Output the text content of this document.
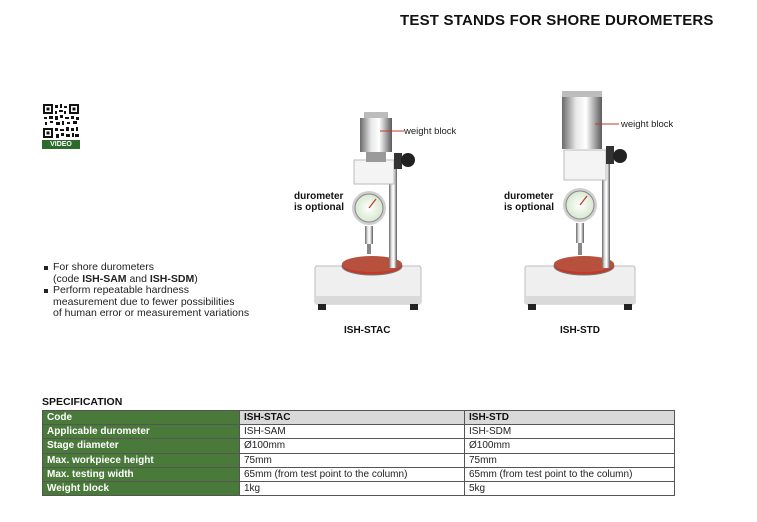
TEST STANDS FOR SHORE DUROMETERS
VIDEO
For shore durometers
(code ISH-SAM and ISH-SDM)
Perform repeatable hardness
measurement due to fewer possibilities
of human error or measurement variations
weight block
durometer
is optional
ISH-STAC
weight block
durometer
is optional
ISH-STD
SPECIFICATION
Code	ISH-STAC	ISH-STD
Applicable durometer	ISH-SAM	ISH-SDM
Stage diameter	Ø100mm	Ø100mm
Max. workpiece height	75mm	75mm
Max. testing width	65mm (from test point to the column)	65mm (from test point to the column)
Weight block	1kg	5kg
